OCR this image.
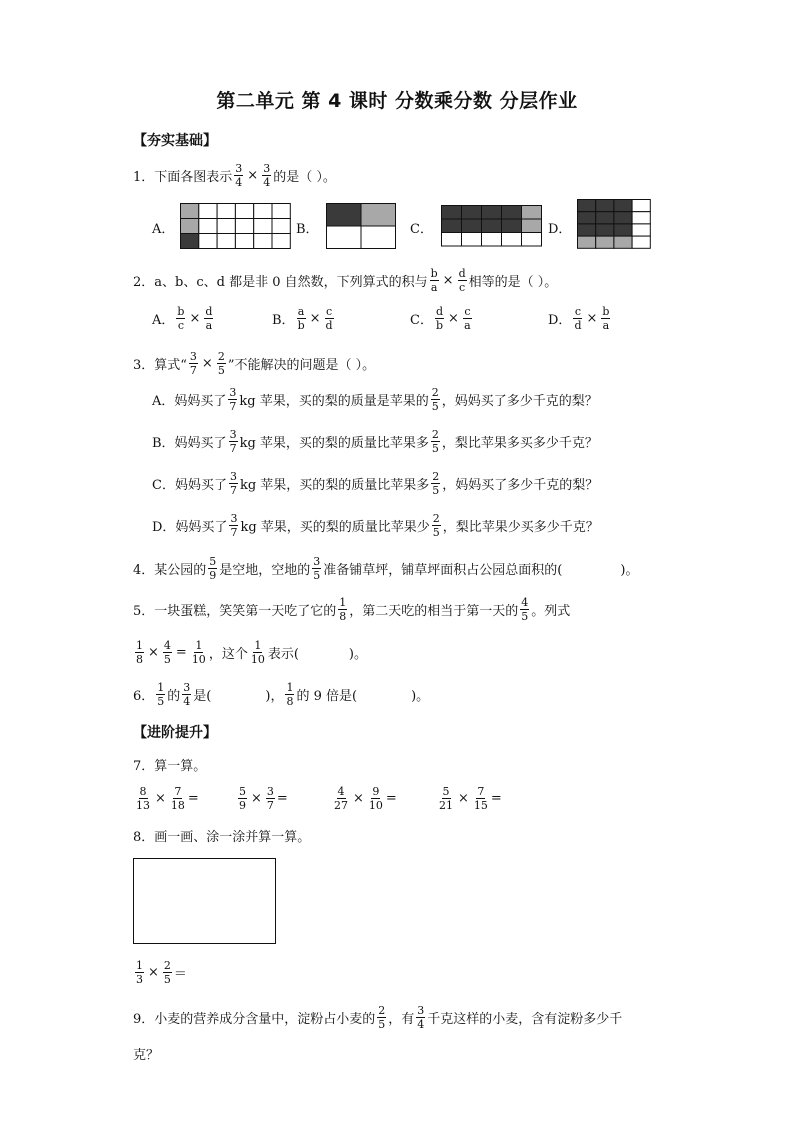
第二单元 第 4 课时 分数乘分数 分层作业
【夯实基础】
1．下面各图表示 $\frac{3}{4} \times \frac{3}{4}$ 的是（ ）。
A．	B．	C．	D．
2．a、b、c、d 都是非 0 自然数，下列算式的积与 $\frac{b}{a} \times \frac{d}{c}$ 相等的是（ ）。
A． $\frac{b}{c} \times \frac{d}{a}$	B． $\frac{a}{b} \times \frac{c}{d}$	C． $\frac{d}{b} \times \frac{c}{a}$	D． $\frac{c}{d} \times \frac{b}{a}$
3．算式“ $\frac{3}{7} \times \frac{2}{5}$ ”不能解决的问题是（ ）。
A．妈妈买了 $\frac{3}{7}$ kg 苹果，买的梨的质量是苹果的 $\frac{2}{5}$ ，妈妈买了多少千克的梨？
B．妈妈买了 $\frac{3}{7}$ kg 苹果，买的梨的质量比苹果多 $\frac{2}{5}$ ，梨比苹果多买多少千克？
C．妈妈买了 $\frac{3}{7}$ kg 苹果，买的梨的质量比苹果多 $\frac{2}{5}$ ，妈妈买了多少千克的梨？
D．妈妈买了 $\frac{3}{7}$ kg 苹果，买的梨的质量比苹果少 $\frac{2}{5}$ ，梨比苹果少买多少千克？
4．某公园的 $\frac{5}{9}$ 是空地，空地的 $\frac{3}{5}$ 准备铺草坪，铺草坪面积占公园总面积的(	)。
5．一块蛋糕，笑笑第一天吃了它的 $\frac{1}{8}$ ，第二天吃的相当于第一天的 $\frac{4}{5}$ 。列式
$\frac{1}{8} \times \frac{4}{5} = \frac{1}{10}$ ，这个 $\frac{1}{10}$ 表示(	)。
6． $\frac{1}{5}$ 的 $\frac{3}{4}$ 是(	)， $\frac{1}{8}$ 的 9 倍是(	)。
【进阶提升】
7．算一算。
$\frac{8}{13} \times \frac{7}{18}$ =	$\frac{5}{9} \times \frac{3}{7}$ =	$\frac{4}{27} \times \frac{9}{10}$ =	$\frac{5}{21} \times \frac{7}{15}$ =
8．画一画、涂一涂并算一算。
$\frac{1}{3} \times \frac{2}{5}$ ＝
9．小麦的营养成分含量中，淀粉占小麦的 $\frac{2}{5}$ ，有 $\frac{3}{4}$ 千克这样的小麦，含有淀粉多少千
克？
